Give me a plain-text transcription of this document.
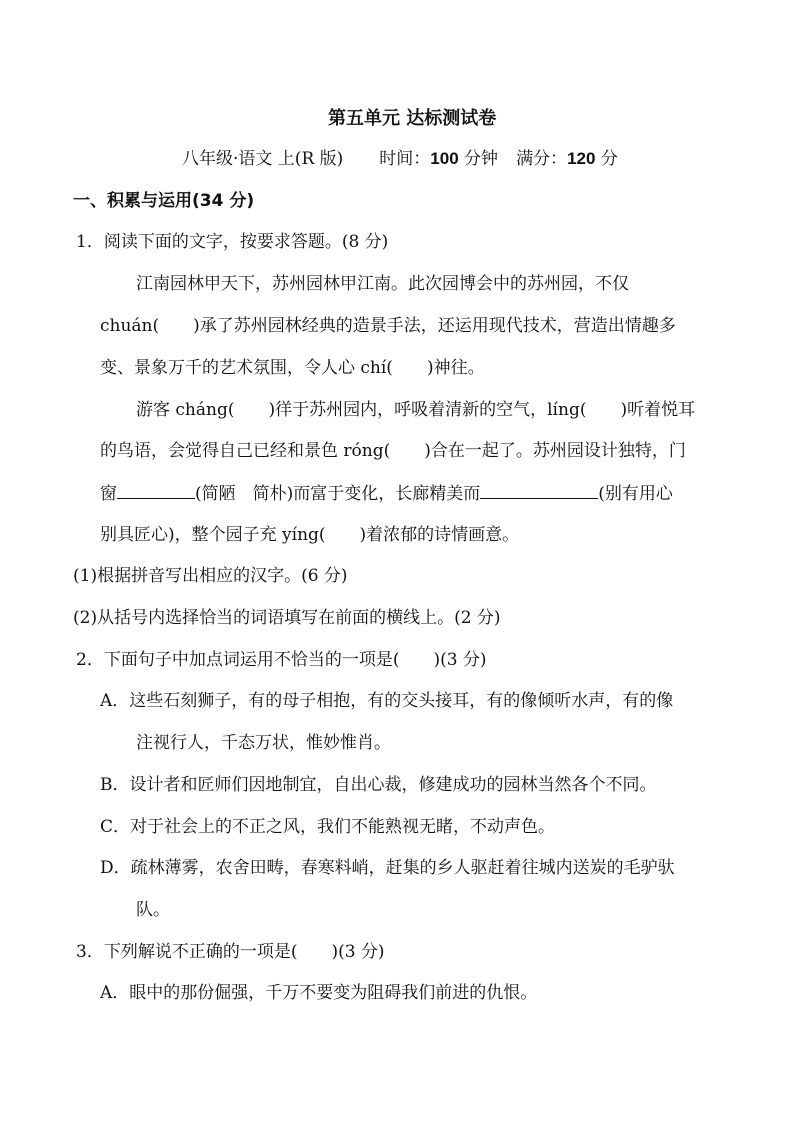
第五单元 达标测试卷
八年级·语文 上(R 版) 时间：100 分钟 满分：120 分
一、积累与运用(34 分)
1．阅读下面的文字，按要求答题。(8 分)
江南园林甲天下，苏州园林甲江南。此次园博会中的苏州园，不仅
chuán( )承了苏州园林经典的造景手法，还运用现代技术，营造出情趣多
变、景象万千的艺术氛围，令人心 chí( )神往。
游客 cháng( )徉于苏州园内，呼吸着清新的空气，líng( )听着悦耳
的鸟语，会觉得自己已经和景色 róng( )合在一起了。苏州园设计独特，门
窗	(简陋　简朴)而富于变化，长廊精美而	(别有用心
别具匠心)，整个园子充 yíng( )着浓郁的诗情画意。
(1)根据拼音写出相应的汉字。(6 分)
(2)从括号内选择恰当的词语填写在前面的横线上。(2 分)
2．下面句子中加点词运用不恰当的一项是( )(3 分)
A．这些石刻狮子，有的母子相抱，有的交头接耳，有的像倾听水声，有的像
注视行人，千态万状，惟妙惟肖。
B．设计者和匠师们因地制宜，自出心裁，修建成功的园林当然各个不同。
C．对于社会上的不正之风，我们不能熟视无睹，不动声色。
D．疏林薄雾，农舍田畴，春寒料峭，赶集的乡人驱赶着往城内送炭的毛驴驮
队。
3．下列解说不正确的一项是( )(3 分)
A．眼中的那份倔强，千万不要变为阻碍我们前进的仇恨。
